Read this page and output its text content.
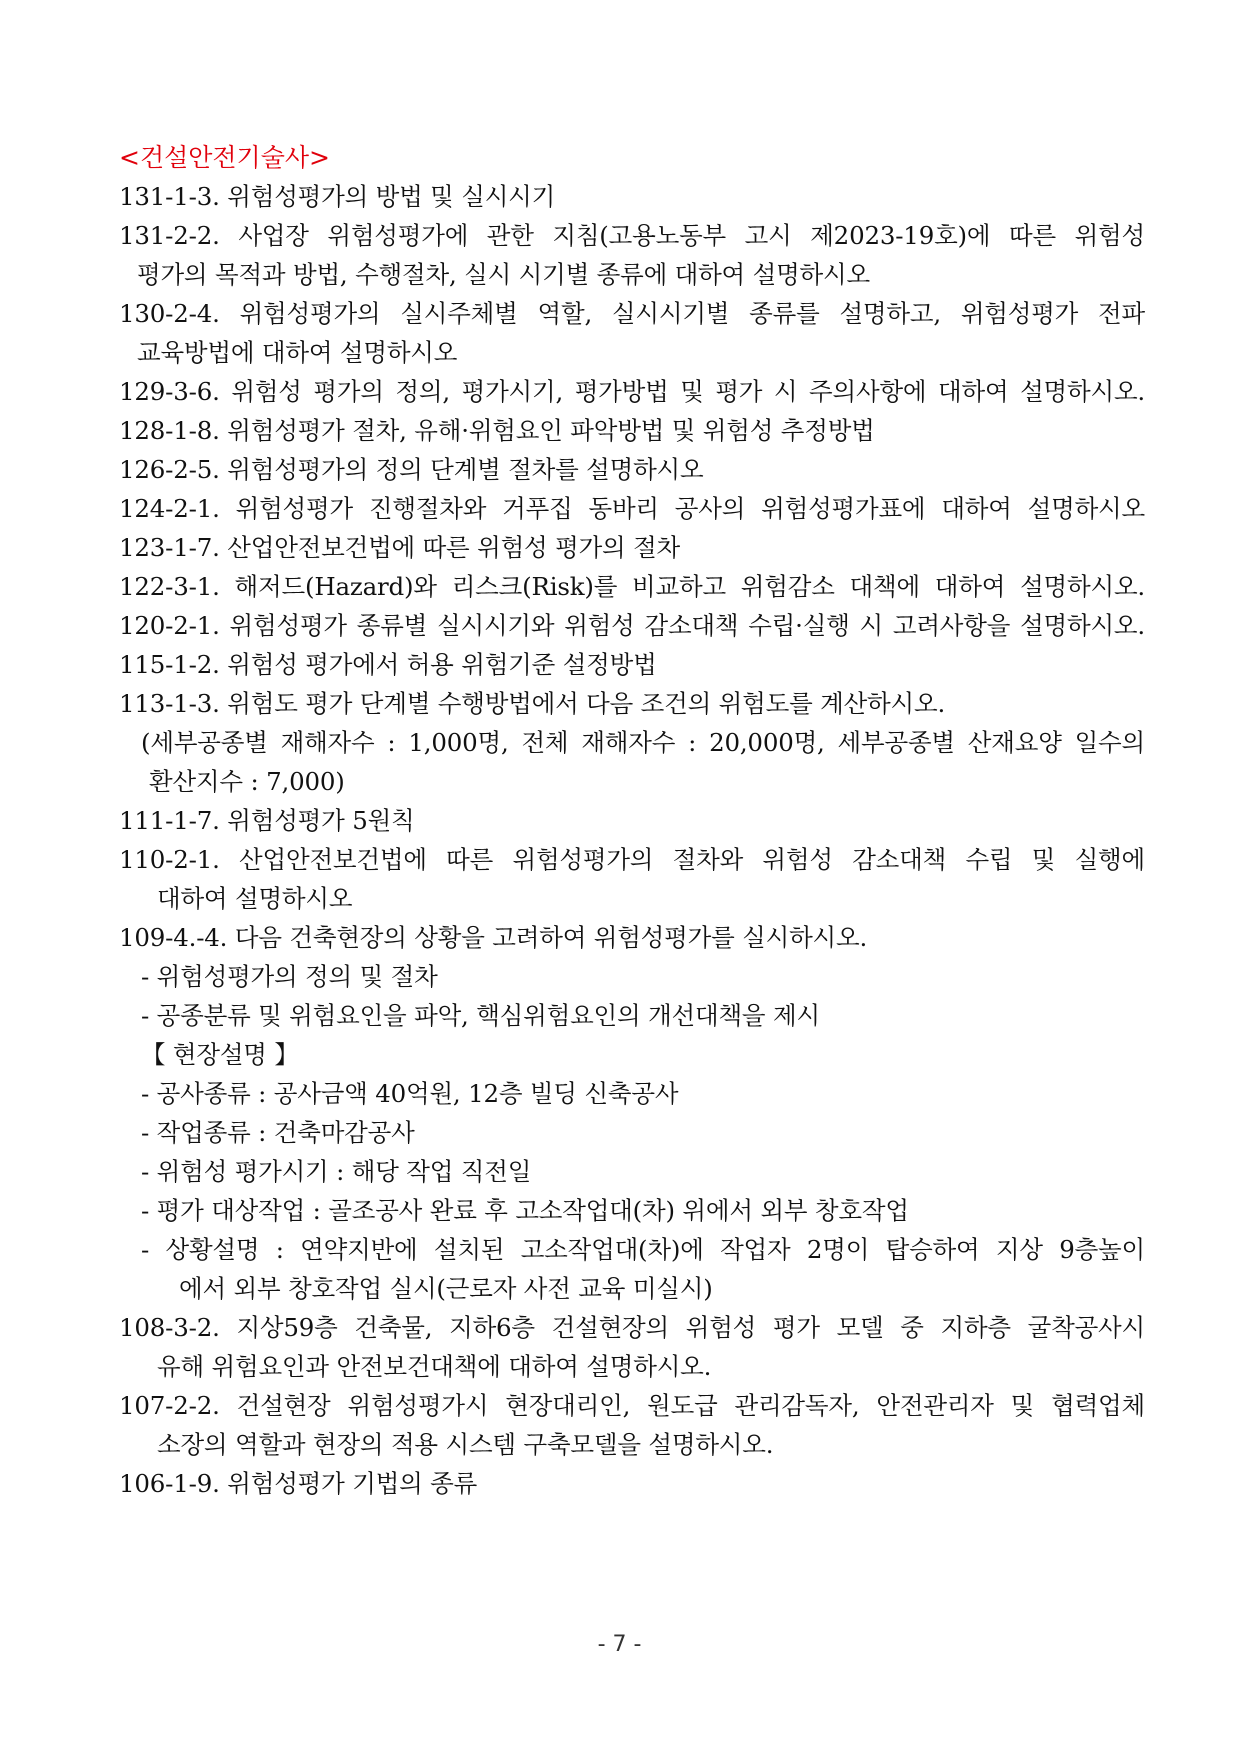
<건설안전기술사>
131-1-3. 위험성평가의 방법 및 실시시기
131-2-2. 사업장 위험성평가에 관한 지침(고용노동부 고시 제2023-19호)에 따른 위험성
평가의 목적과 방법, 수행절차, 실시 시기별 종류에 대하여 설명하시오
130-2-4. 위험성평가의 실시주체별 역할, 실시시기별 종류를 설명하고, 위험성평가 전파
교육방법에 대하여 설명하시오
129-3-6. 위험성 평가의 정의, 평가시기, 평가방법 및 평가 시 주의사항에 대하여 설명하시오.
128-1-8. 위험성평가 절차, 유해·위험요인 파악방법 및 위험성 추정방법
126-2-5. 위험성평가의 정의 단계별 절차를 설명하시오
124-2-1. 위험성평가 진행절차와 거푸집 동바리 공사의 위험성평가표에 대하여 설명하시오
123-1-7. 산업안전보건법에 따른 위험성 평가의 절차
122-3-1. 해저드(Hazard)와 리스크(Risk)를 비교하고 위험감소 대책에 대하여 설명하시오.
120-2-1. 위험성평가 종류별 실시시기와 위험성 감소대책 수립·실행 시 고려사항을 설명하시오.
115-1-2. 위험성 평가에서 허용 위험기준 설정방법
113-1-3. 위험도 평가 단계별 수행방법에서 다음 조건의 위험도를 계산하시오.
(세부공종별 재해자수 : 1,000명, 전체 재해자수 : 20,000명, 세부공종별 산재요양 일수의
환산지수 : 7,000)
111-1-7. 위험성평가 5원칙
110-2-1. 산업안전보건법에 따른 위험성평가의 절차와 위험성 감소대책 수립 및 실행에
대하여 설명하시오
109-4.-4. 다음 건축현장의 상황을 고려하여 위험성평가를 실시하시오.
- 위험성평가의 정의 및 절차
- 공종분류 및 위험요인을 파악, 핵심위험요인의 개선대책을 제시
【 현장설명 】
- 공사종류 : 공사금액 40억원, 12층 빌딩 신축공사
- 작업종류 : 건축마감공사
- 위험성 평가시기 : 해당 작업 직전일
- 평가 대상작업 : 골조공사 완료 후 고소작업대(차) 위에서 외부 창호작업
- 상황설명 : 연약지반에 설치된 고소작업대(차)에 작업자 2명이 탑승하여 지상 9층높이
에서 외부 창호작업 실시(근로자 사전 교육 미실시)
108-3-2. 지상59층 건축물, 지하6층 건설현장의 위험성 평가 모델 중 지하층 굴착공사시
유해 위험요인과 안전보건대책에 대하여 설명하시오.
107-2-2. 건설현장 위험성평가시 현장대리인, 원도급 관리감독자, 안전관리자 및 협력업체
소장의 역할과 현장의 적용 시스템 구축모델을 설명하시오.
106-1-9. 위험성평가 기법의 종류
- 7 -
